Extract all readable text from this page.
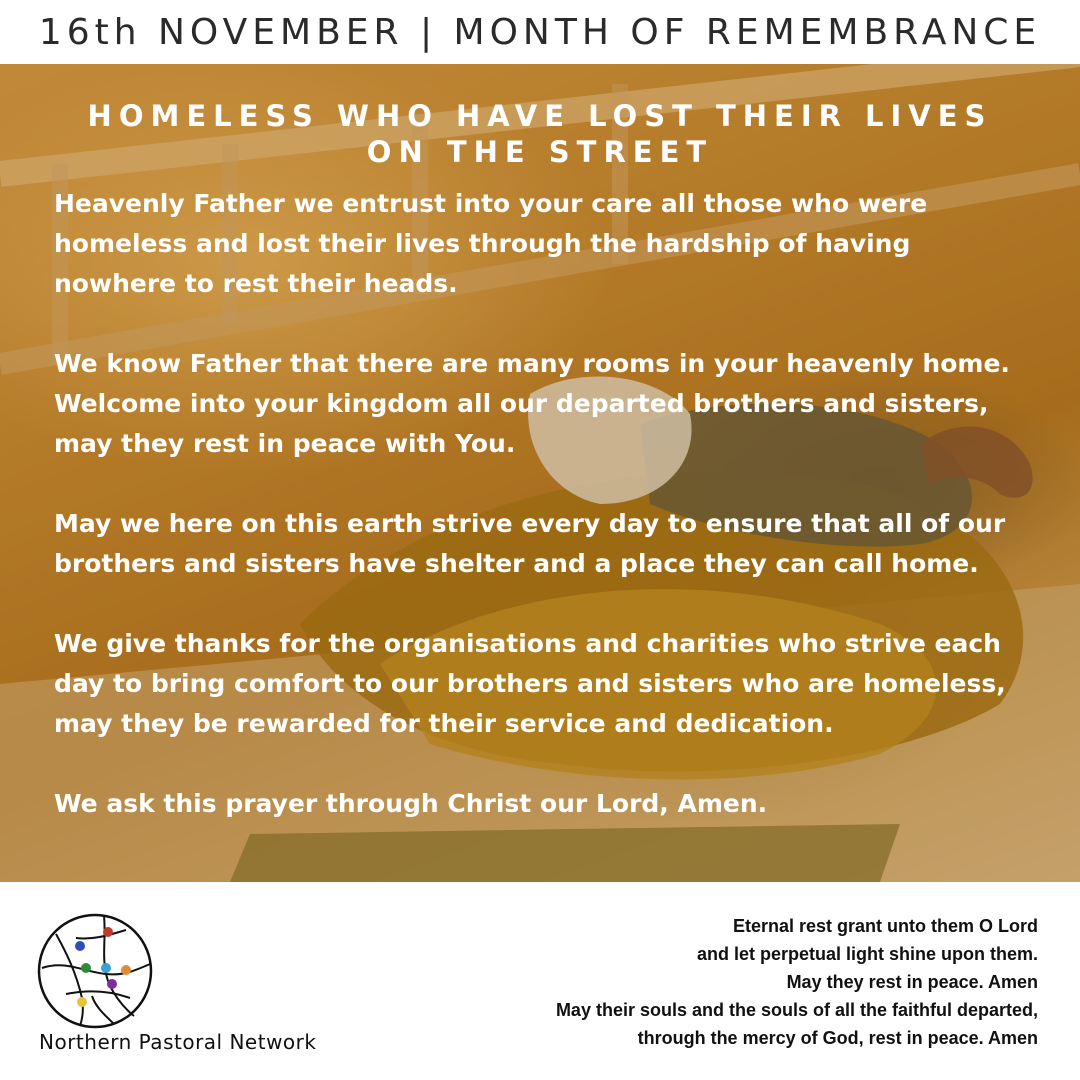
16th NOVEMBER | MONTH OF REMEMBRANCE
HOMELESS WHO HAVE LOST THEIR LIVES
ON THE STREET

Heavenly Father we entrust into your care all those who were
homeless and lost their lives through the hardship of having
nowhere to rest their heads.

We know Father that there are many rooms in your heavenly home.
Welcome into your kingdom all our departed brothers and sisters,
may they rest in peace with You.

May we here on this earth strive every day to ensure that all of our
brothers and sisters have shelter and a place they can call home.

We give thanks for the organisations and charities who strive each
day to bring comfort to our brothers and sisters who are homeless,
may they be rewarded for their service and dedication.

We ask this prayer through Christ our Lord, Amen.

Northern Pastoral Network
Eternal rest grant unto them O Lord
and let perpetual light shine upon them.
May they rest in peace. Amen
May their souls and the souls of all the faithful departed,
through the mercy of God, rest in peace. Amen
